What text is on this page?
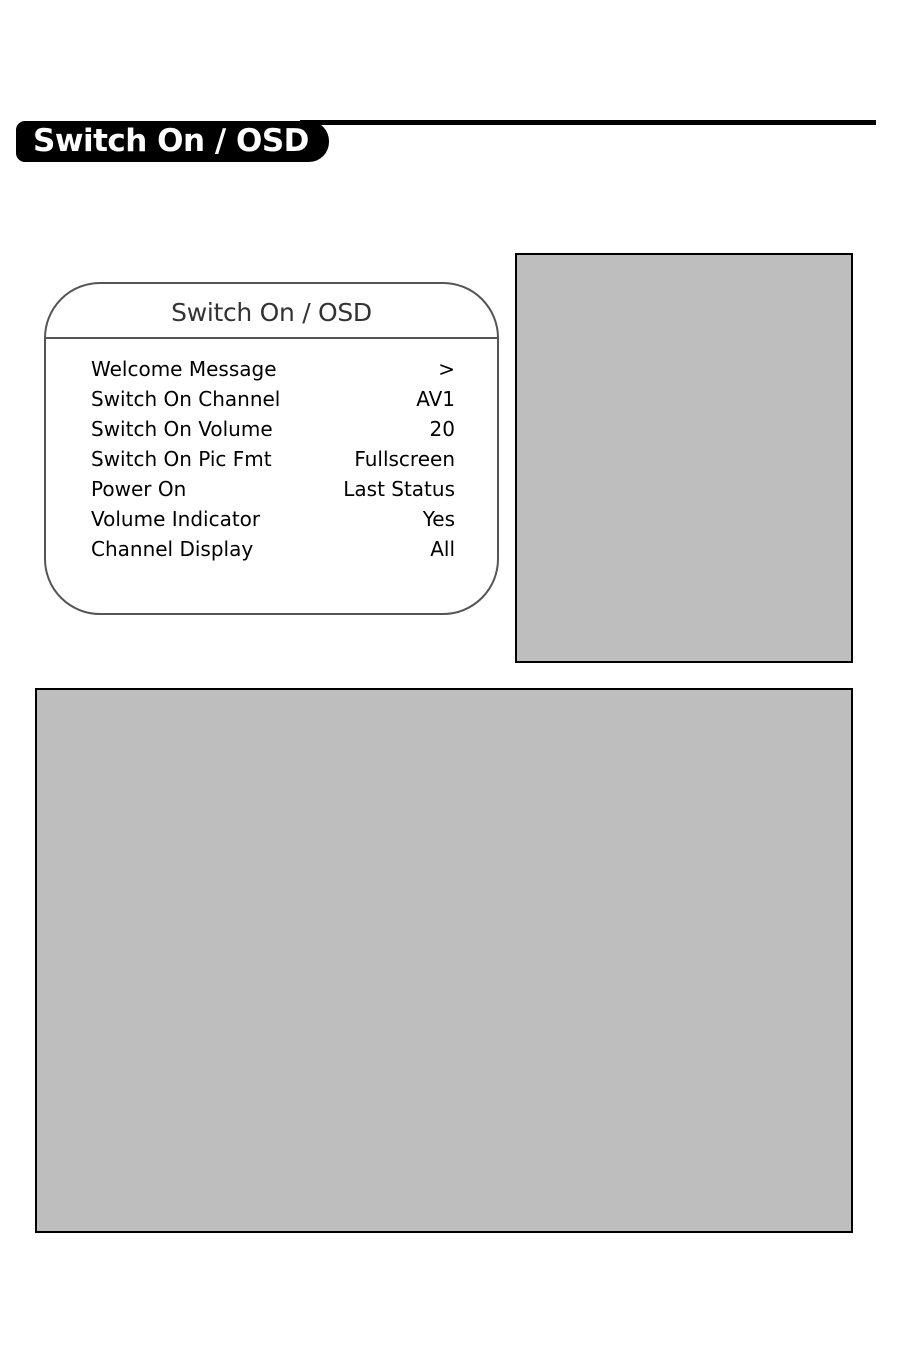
Switch On / OSD
Switch On / OSD
Welcome Message	>
Switch On Channel	AV1
Switch On Volume	20
Switch On Pic Fmt	Fullscreen
Power On	Last Status
Volume Indicator	Yes
Channel Display	All
